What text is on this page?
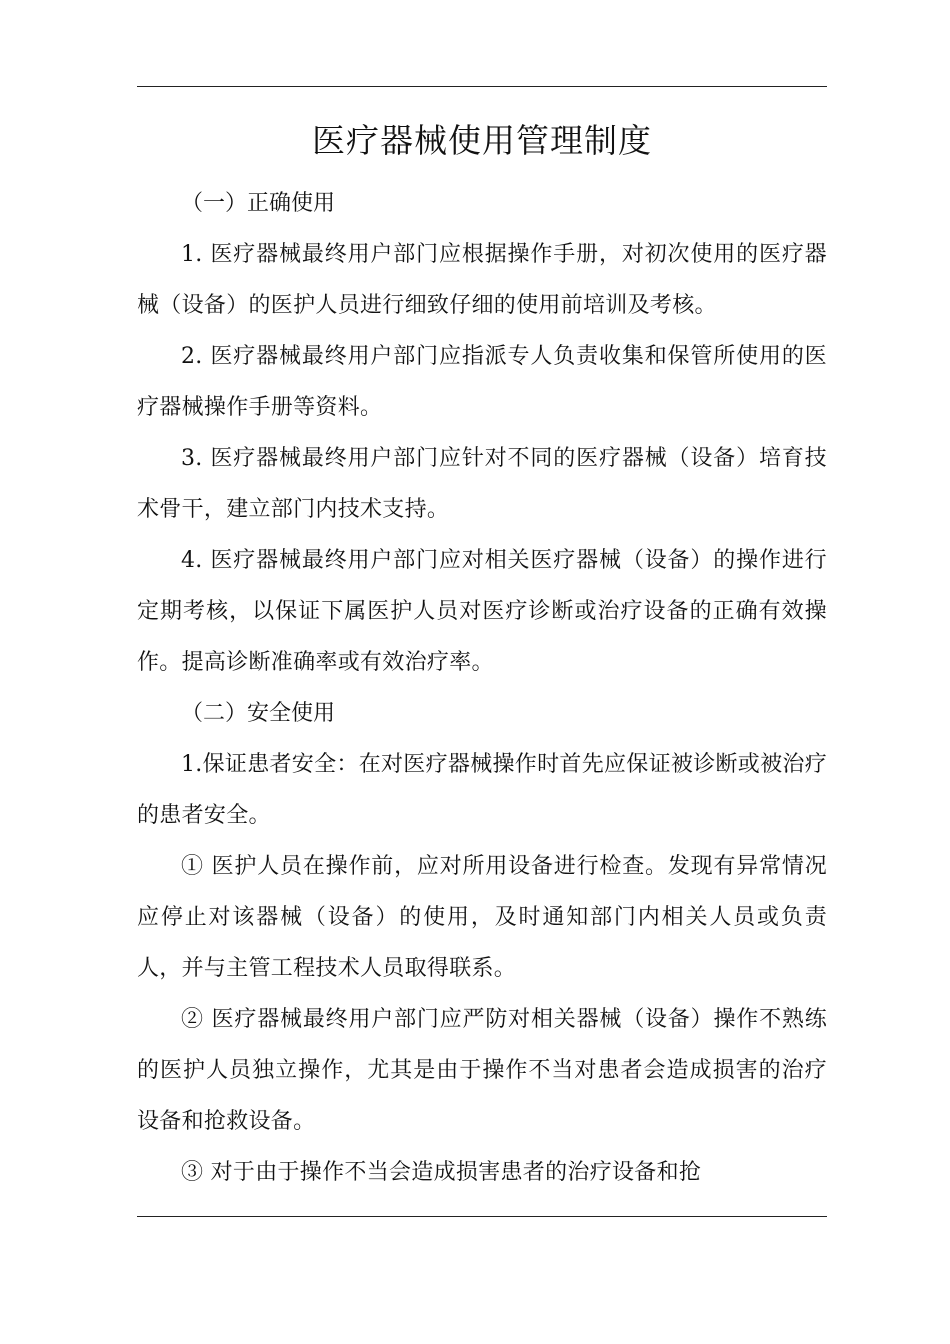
医疗器械使用管理制度

（一）正确使用

1. 医疗器械最终用户部门应根据操作手册，对初次使用的医疗器械（设备）的医护人员进行细致仔细的使用前培训及考核。

2. 医疗器械最终用户部门应指派专人负责收集和保管所使用的医疗器械操作手册等资料。

3. 医疗器械最终用户部门应针对不同的医疗器械（设备）培育技术骨干，建立部门内技术支持。

4. 医疗器械最终用户部门应对相关医疗器械（设备）的操作进行定期考核，以保证下属医护人员对医疗诊断或治疗设备的正确有效操作。提高诊断准确率或有效治疗率。

（二）安全使用

1.保证患者安全：在对医疗器械操作时首先应保证被诊断或被治疗的患者安全。

① 医护人员在操作前，应对所用设备进行检查。发现有异常情况应停止对该器械（设备）的使用，及时通知部门内相关人员或负责人，并与主管工程技术人员取得联系。

② 医疗器械最终用户部门应严防对相关器械（设备）操作不熟练的医护人员独立操作，尤其是由于操作不当对患者会造成损害的治疗设备和抢救设备。

③ 对于由于操作不当会造成损害患者的治疗设备和抢
